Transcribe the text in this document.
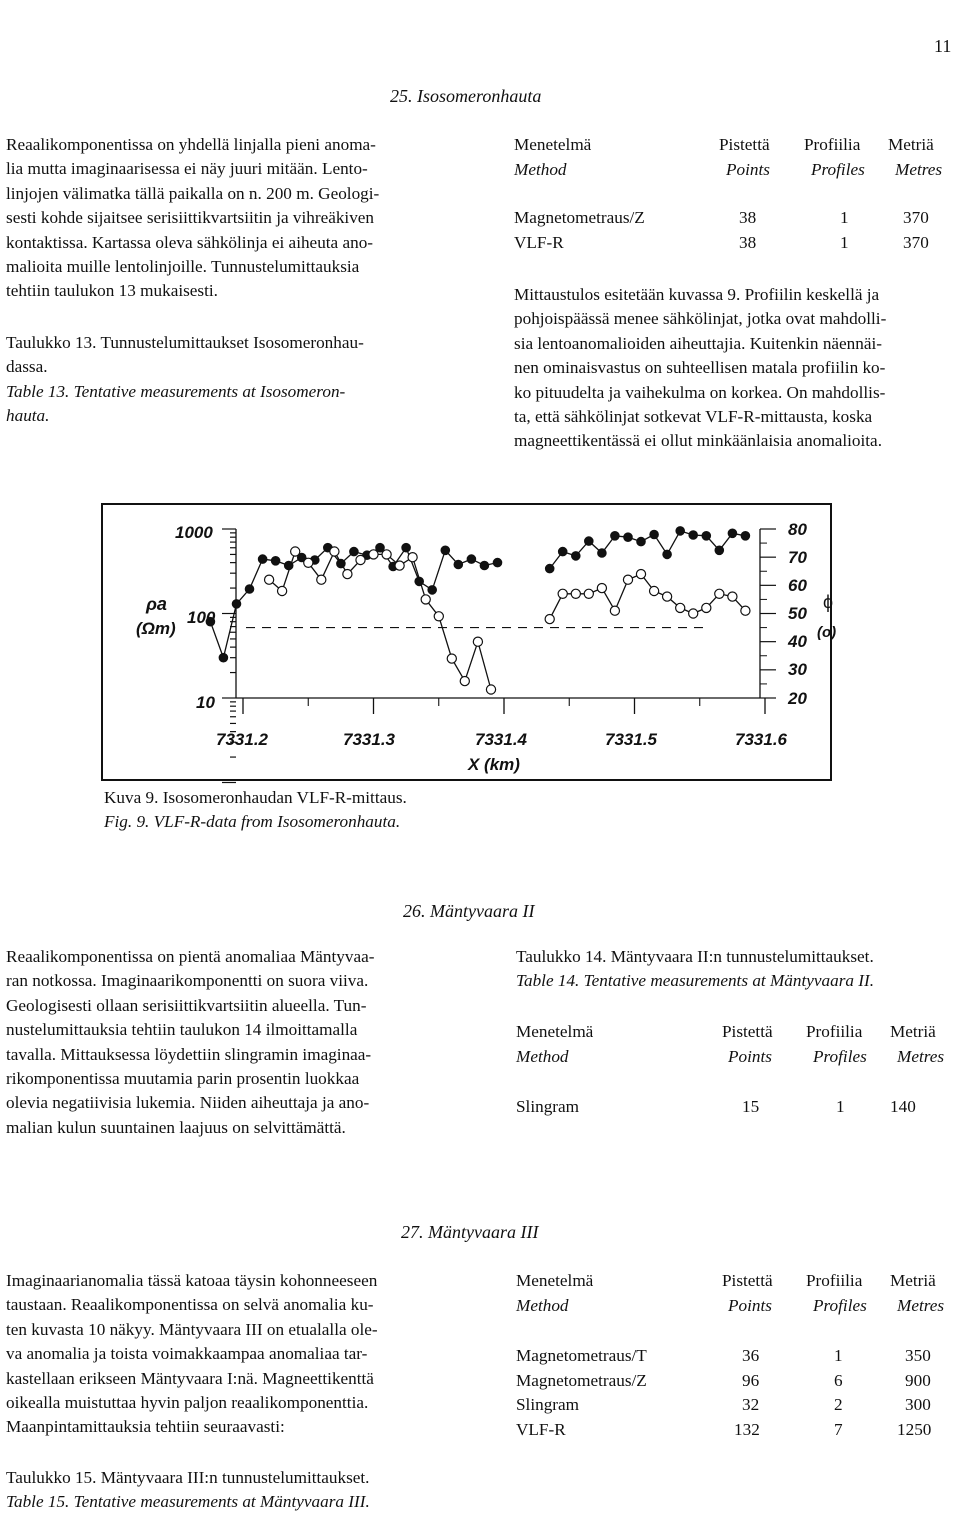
11
25. Isosomeronhauta
Reaalikomponentissa on yhdellä linjalla pieni anoma-
lia mutta imaginaarisessa ei näy juuri mitään. Lento-
linjojen välimatka tällä paikalla on n. 200 m. Geologi-
sesti kohde sijaitsee serisiittikvartsiitin ja vihreäkiven
kontaktissa. Kartassa oleva sähkölinja ei aiheuta ano-
malioita muille lentolinjoille. Tunnustelumittauksia
tehtiin taulukon 13 mukaisesti.
Taulukko 13. Tunnustelumittaukset Isosomeronhau-
dassa.
Table 13. Tentative measurements at Isosomeron-
hauta.
Menetelmä	Pistettä Profiilia Metriä
Method	Points Profiles Metres
Magnetometraus/Z	38	1	370
VLF-R	38	1	370
Mittaustulos esitetään kuvassa 9. Profiilin keskellä ja
pohjoispäässä menee sähkölinjat, jotka ovat mahdolli-
sia lentoanomalioiden aiheuttajia. Kuitenkin näennäi-
nen ominaisvastus on suhteellisen matala profiilin ko-
ko pituudelta ja vaihekulma on korkea. On mahdollis-
ta, että sähkölinjat sotkevat VLF-R-mittausta, koska
magneettikentässä ei ollut minkäänlaisia anomalioita.
1000
100
10
ρa
(Ωm)
80
70
60
50
40
30
20
ϕ
(o)
7331.2	7331.3	7331.4	7331.5	7331.6
X (km)
Kuva 9. Isosomeronhaudan VLF-R-mittaus.
Fig. 9. VLF-R-data from Isosomeronhauta.
26. Mäntyvaara II
Reaalikomponentissa on pientä anomaliaa Mäntyvaa-
ran notkossa. Imaginaarikomponentti on suora viiva.
Geologisesti ollaan serisiittikvartsiitin alueella. Tun-
nustelumittauksia tehtiin taulukon 14 ilmoittamalla
tavalla. Mittauksessa löydettiin slingramin imaginaa-
rikomponentissa muutamia parin prosentin luokkaa
olevia negatiivisia lukemia. Niiden aiheuttaja ja ano-
malian kulun suuntainen laajuus on selvittämättä.
Taulukko 14. Mäntyvaara II:n tunnustelumittaukset.
Table 14. Tentative measurements at Mäntyvaara II.
Menetelmä	Pistettä Profiilia Metriä
Method	Points Profiles Metres
Slingram	15	1	140
27. Mäntyvaara III
Imaginaarianomalia tässä katoaa täysin kohonneeseen
taustaan. Reaalikomponentissa on selvä anomalia ku-
ten kuvasta 10 näkyy. Mäntyvaara III on etualalla ole-
va anomalia ja toista voimakkaampaa anomaliaa tar-
kastellaan erikseen Mäntyvaara I:nä. Magneettikenttä
oikealla muistuttaa hyvin paljon reaalikomponenttia.
Maanpintamittauksia tehtiin seuraavasti:
Menetelmä	Pistettä Profiilia Metriä
Method	Points Profiles Metres
Magnetometraus/T	36	1	350
Magnetometraus/Z	96	6	900
Slingram	32	2	300
VLF-R	132	7	1250
Taulukko 15. Mäntyvaara III:n tunnustelumittaukset.
Table 15. Tentative measurements at Mäntyvaara III.
